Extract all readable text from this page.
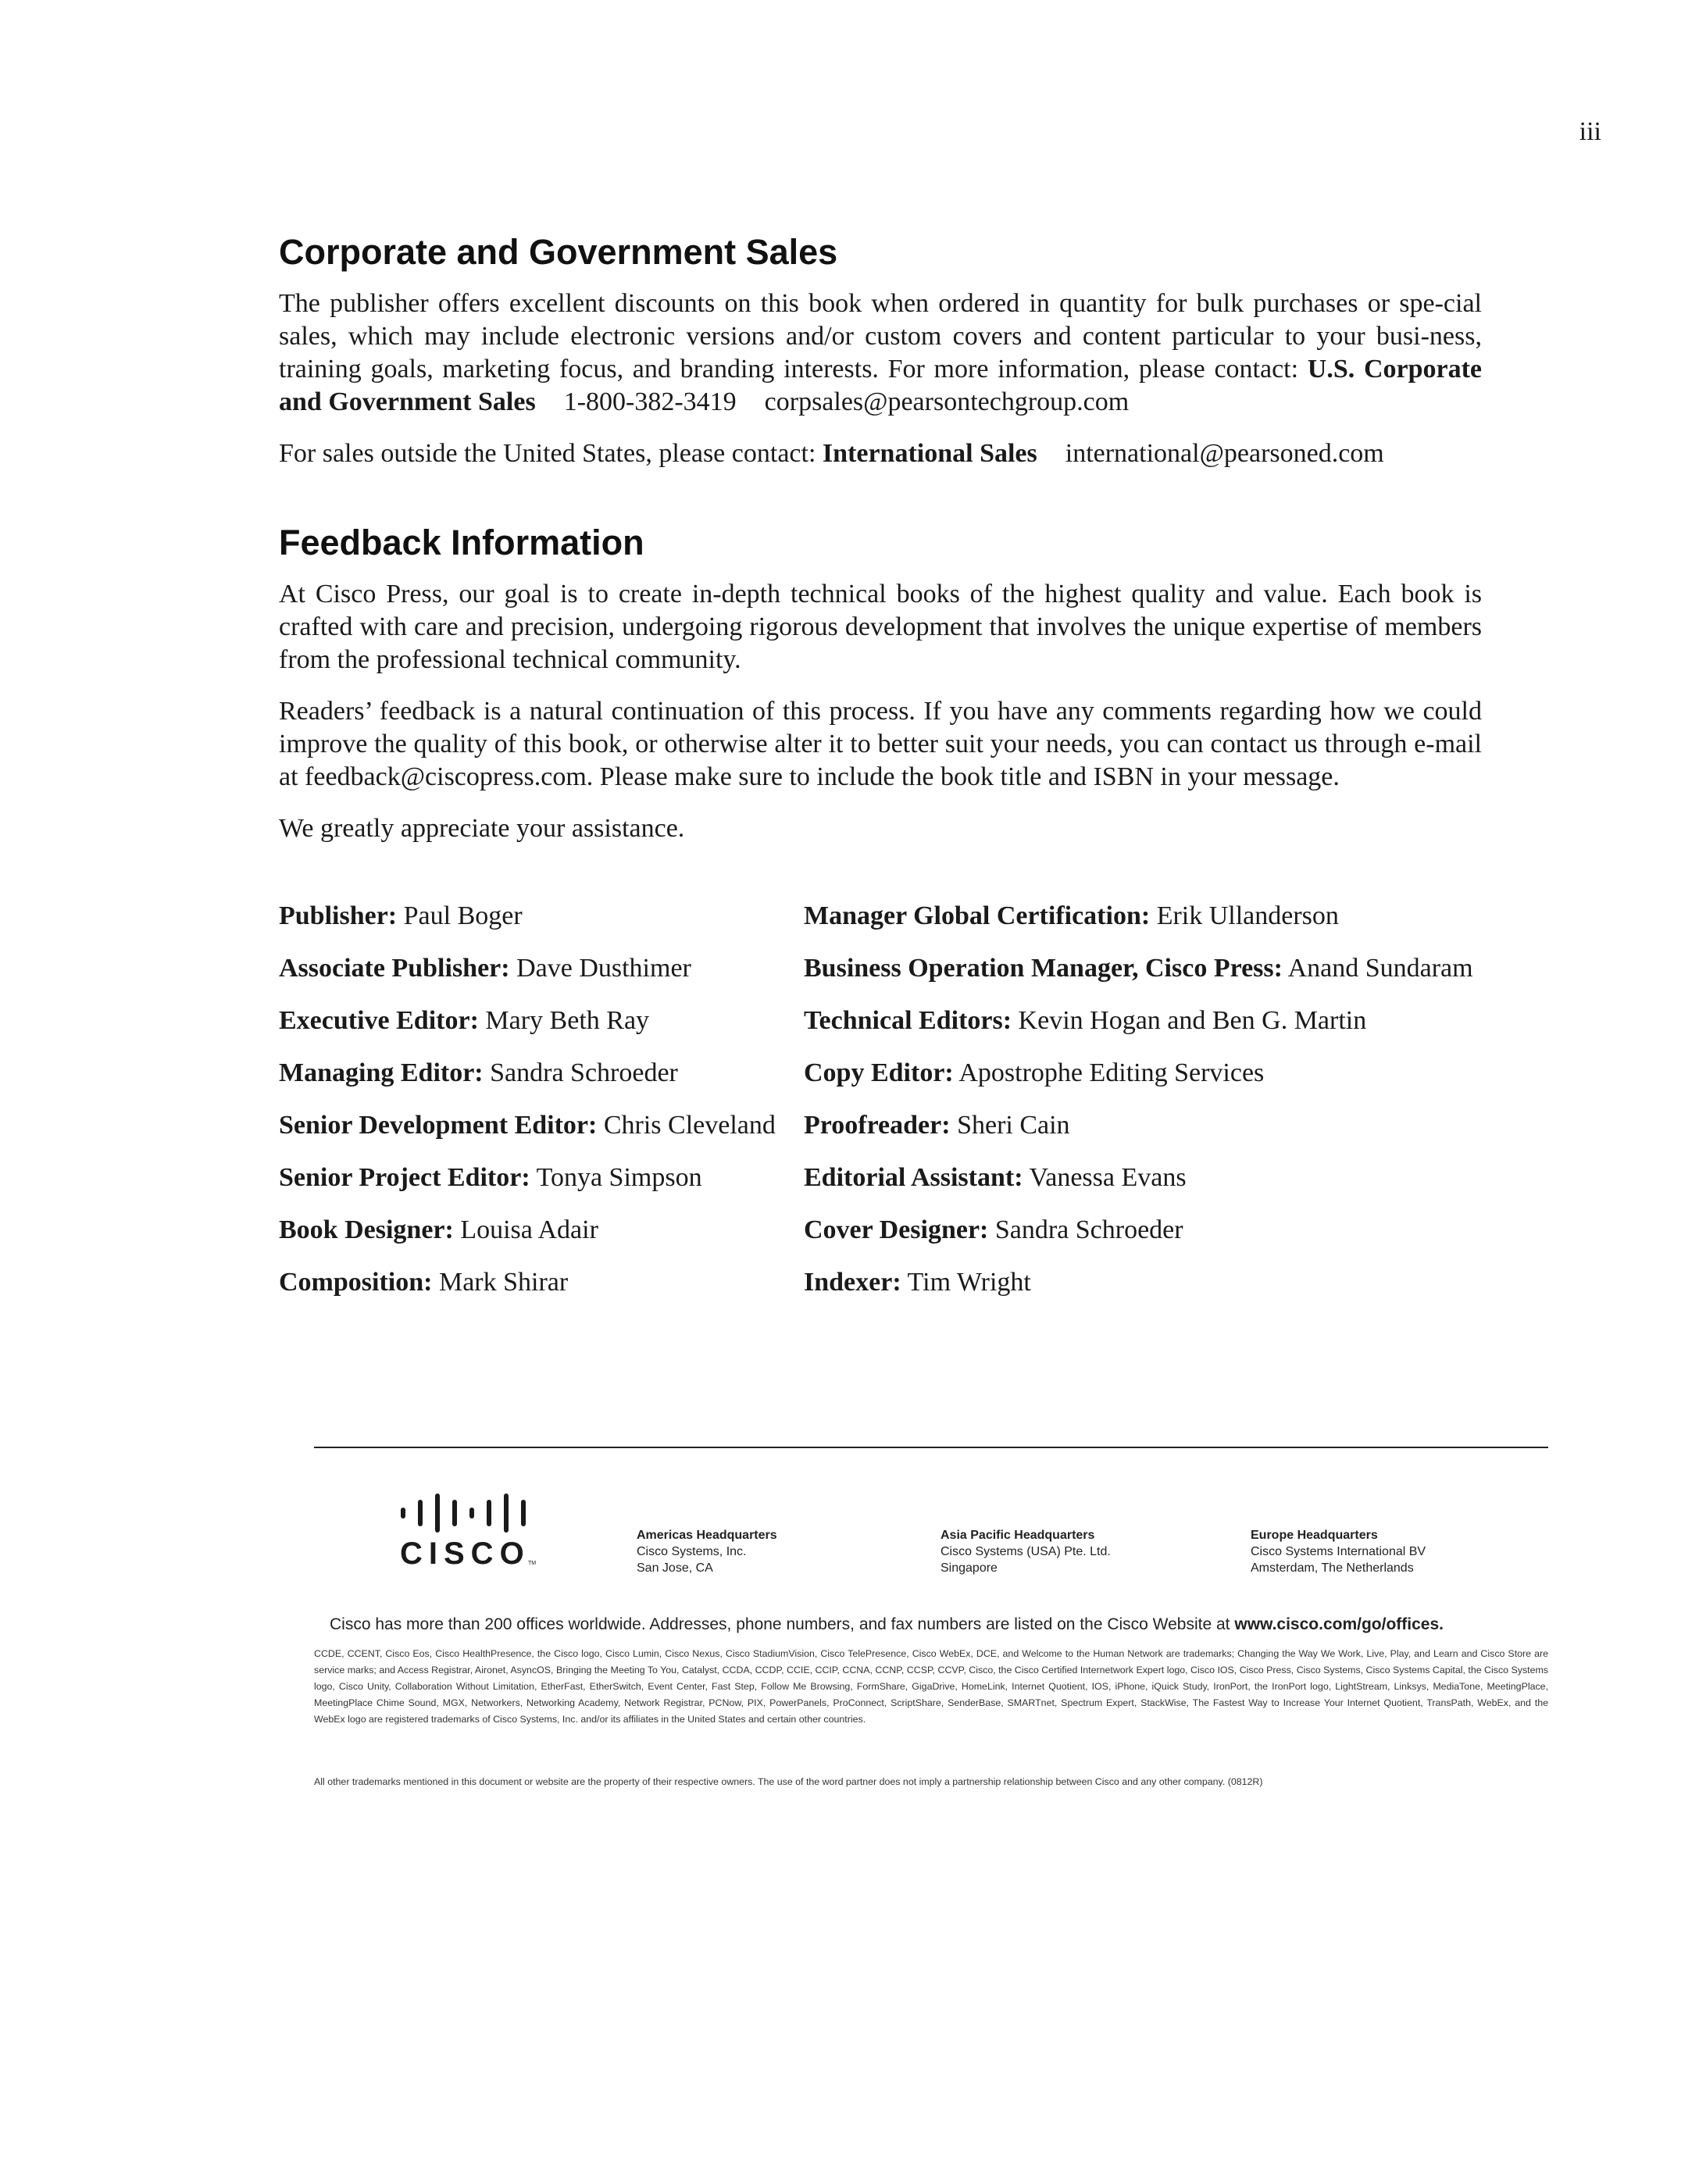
iii
Corporate and Government Sales

The publisher offers excellent discounts on this book when ordered in quantity for bulk purchases or spe-cial sales, which may include electronic versions and/or custom covers and content particular to your busi-ness, training goals, marketing focus, and branding interests. For more information, please contact: U.S. Corporate and Government Sales 1-800-382-3419 corpsales@pearsontechgroup.com

For sales outside the United States, please contact: International Sales international@pearsoned.com

Feedback Information

At Cisco Press, our goal is to create in-depth technical books of the highest quality and value. Each book is crafted with care and precision, undergoing rigorous development that involves the unique expertise of members from the professional technical community.

Readers’ feedback is a natural continuation of this process. If you have any comments regarding how we could improve the quality of this book, or otherwise alter it to better suit your needs, you can contact us through e-mail at feedback@ciscopress.com. Please make sure to include the book title and ISBN in your message.

We greatly appreciate your assistance.

Publisher: Paul Boger	Manager Global Certification: Erik Ullanderson
Associate Publisher: Dave Dusthimer	Business Operation Manager, Cisco Press: Anand Sundaram
Executive Editor: Mary Beth Ray	Technical Editors: Kevin Hogan and Ben G. Martin
Managing Editor: Sandra Schroeder	Copy Editor: Apostrophe Editing Services
Senior Development Editor: Chris Cleveland	Proofreader: Sheri Cain
Senior Project Editor: Tonya Simpson	Editorial Assistant: Vanessa Evans
Book Designer: Louisa Adair	Cover Designer: Sandra Schroeder
Composition: Mark Shirar	Indexer: Tim Wright
CISCO
TM
Americas Headquarters
Cisco Systems, Inc.
San Jose, CA
Asia Pacific Headquarters
Cisco Systems (USA) Pte. Ltd.
Singapore
Europe Headquarters
Cisco Systems International BV
Amsterdam, The Netherlands
Cisco has more than 200 offices worldwide. Addresses, phone numbers, and fax numbers are listed on the Cisco Website at www.cisco.com/go/offices.
CCDE, CCENT, Cisco Eos, Cisco HealthPresence, the Cisco logo, Cisco Lumin, Cisco Nexus, Cisco StadiumVision, Cisco TelePresence, Cisco WebEx, DCE, and Welcome to the Human Network are trademarks; Changing the Way We Work, Live, Play, and Learn and Cisco Store are service marks; and Access Registrar, Aironet, AsyncOS, Bringing the Meeting To You, Catalyst, CCDA, CCDP, CCIE, CCIP, CCNA, CCNP, CCSP, CCVP, Cisco, the Cisco Certified Internetwork Expert logo, Cisco IOS, Cisco Press, Cisco Systems, Cisco Systems Capital, the Cisco Systems logo, Cisco Unity, Collaboration Without Limitation, EtherFast, EtherSwitch, Event Center, Fast Step, Follow Me Browsing, FormShare, GigaDrive, HomeLink, Internet Quotient, IOS, iPhone, iQuick Study, IronPort, the IronPort logo, LightStream, Linksys, MediaTone, MeetingPlace, MeetingPlace Chime Sound, MGX, Networkers, Networking Academy, Network Registrar, PCNow, PIX, PowerPanels, ProConnect, ScriptShare, SenderBase, SMARTnet, Spectrum Expert, StackWise, The Fastest Way to Increase Your Internet Quotient, TransPath, WebEx, and the WebEx logo are registered trademarks of Cisco Systems, Inc. and/or its affiliates in the United States and certain other countries.
All other trademarks mentioned in this document or website are the property of their respective owners. The use of the word partner does not imply a partnership relationship between Cisco and any other company. (0812R)
